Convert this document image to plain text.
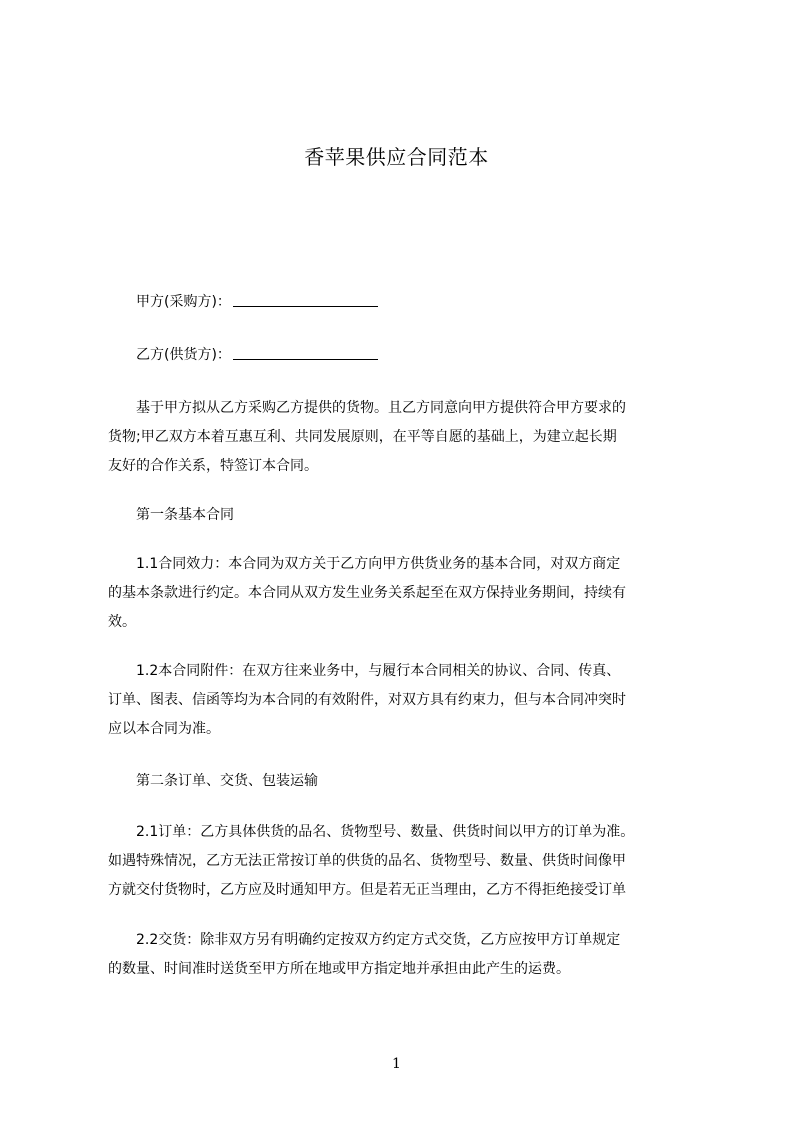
香苹果供应合同范本
甲方(采购方)：
乙方(供货方)：

基于甲方拟从乙方采购乙方提供的货物。且乙方同意向甲方提供符合甲方要求的

货物;甲乙双方本着互惠互利、共同发展原则，在平等自愿的基础上，为建立起长期

友好的合作关系，特签订本合同。

第一条基本合同

1.1合同效力：本合同为双方关于乙方向甲方供货业务的基本合同，对双方商定

的基本条款进行约定。本合同从双方发生业务关系起至在双方保持业务期间，持续有

效。

1.2本合同附件：在双方往来业务中，与履行本合同相关的协议、合同、传真、

订单、图表、信函等均为本合同的有效附件，对双方具有约束力，但与本合同冲突时

应以本合同为准。

第二条订单、交货、包装运输

2.1订单：乙方具体供货的品名、货物型号、数量、供货时间以甲方的订单为准。

如遇特殊情况，乙方无法正常按订单的供货的品名、货物型号、数量、供货时间像甲

方就交付货物时，乙方应及时通知甲方。但是若无正当理由，乙方不得拒绝接受订单

2.2交货：除非双方另有明确约定按双方约定方式交货，乙方应按甲方订单规定

的数量、时间准时送货至甲方所在地或甲方指定地并承担由此产生的运费。

1
